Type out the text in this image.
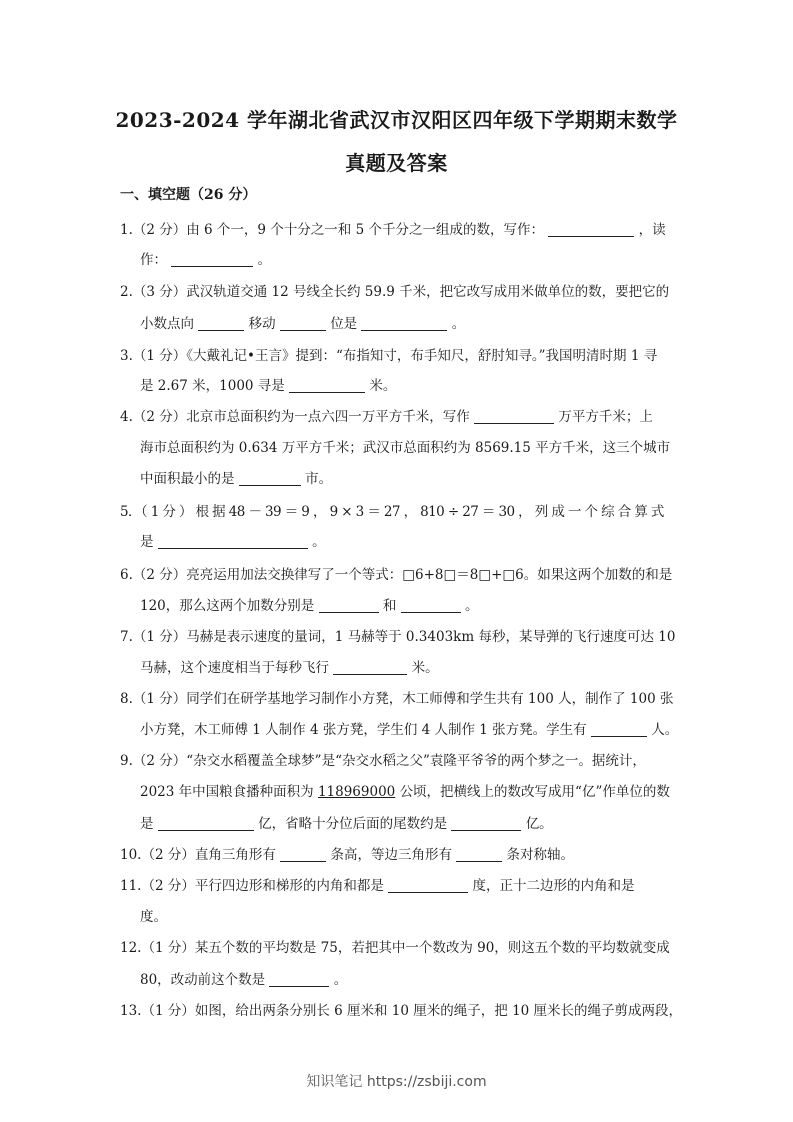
2023-2024 学年湖北省武汉市汉阳区四年级下学期期末数学
真题及答案
一、填空题（26 分）
1.（2 分）由 6 个一，9 个十分之一和 5 个千分之一组成的数，写作：	，读
作：	。
2.（3 分）武汉轨道交通 12 号线全长约 59.9 千米，把它改写成用米做单位的数，要把它的
小数点向	移动	位是	。
3.（1 分）《大戴礼记•王言》提到：“布指知寸，布手知尺，舒肘知寻。”我国明清时期 1 寻
是 2.67 米，1000 寻是	米。
4.（2 分）北京市总面积约为一点六四一万平方千米，写作	万平方千米；上
海市总面积约为 0.634 万平方千米；武汉市总面积约为 8569.15 平方千米，这三个城市
中面积最小的是	市。
5．（ 1 分 ） 根 据 48 － 39 ＝ 9 ， 9 × 3 ＝ 27 ， 810 ÷ 27 ＝ 30 ， 列 成 一 个 综 合 算 式
是	。
6.（2 分）亮亮运用加法交换律写了一个等式：□6+8□＝8□+□6。如果这两个加数的和是
120，那么这两个加数分别是	和	。
7.（1 分）马赫是表示速度的量词，1 马赫等于 0.3403km 每秒，某导弹的飞行速度可达 10
马赫，这个速度相当于每秒飞行	米。
8.（1 分）同学们在研学基地学习制作小方凳，木工师傅和学生共有 100 人，制作了 100 张
小方凳，木工师傅 1 人制作 4 张方凳，学生们 4 人制作 1 张方凳。学生有	人。
9.（2 分）“杂交水稻覆盖全球梦”是“杂交水稻之父”袁隆平爷爷的两个梦之一。据统计，
2023 年中国粮食播种面积为 118969000 公顷，把横线上的数改写成用“亿”作单位的数
是	亿，省略十分位后面的尾数约是	亿。
10.（2 分）直角三角形有	条高，等边三角形有	条对称轴。
11.（2 分）平行四边形和梯形的内角和都是	度，正十二边形的内角和是
度。
12.（1 分）某五个数的平均数是 75，若把其中一个数改为 90，则这五个数的平均数就变成
80，改动前这个数是	。
13.（1 分）如图，给出两条分别长 6 厘米和 10 厘米的绳子，把 10 厘米长的绳子剪成两段，
知识笔记 https://zsbiji.com
